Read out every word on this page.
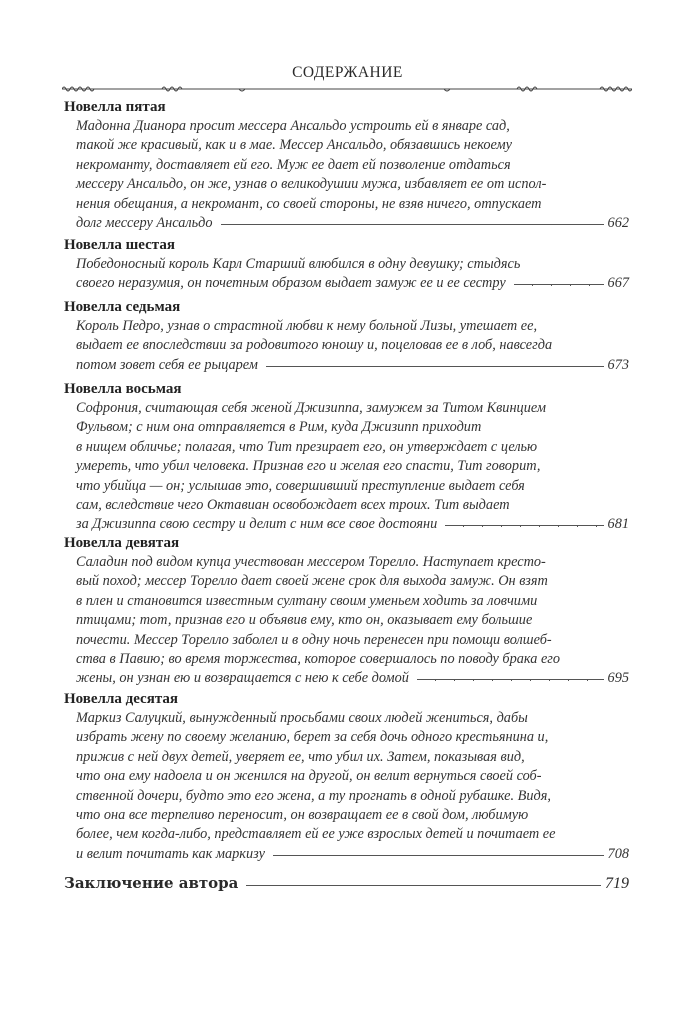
СОДЕРЖАНИЕ
Новелла пятая
Мадонна Дианора просит мессера Ансальдо устроить ей в январе сад,
такой же красивый, как и в мае. Мессер Ансальдо, обязавшись некоему
некроманту, доставляет ей его. Муж ее дает ей позволение отдаться
мессеру Ансальдо, он же, узнав о великодушии мужа, избавляет ее от испол-
нения обещания, а некромант, со своей стороны, не взяв ничего, отпускает
долг мессеру Ансальдо	662
Новелла шестая
Победоносный король Карл Старший влюбился в одну девушку; стыдясь
своего неразумия, он почетным образом выдает замуж ее и ее сестру	667
Новелла седьмая
Король Педро, узнав о страстной любви к нему больной Лизы, утешает ее,
выдает ее впоследствии за родовитого юношу и, поцеловав ее в лоб, навсегда
потом зовет себя ее рыцарем	673
Новелла восьмая
Софрония, считающая себя женой Джизиппа, замужем за Титом Квинцием
Фульвом; с ним она отправляется в Рим, куда Джизипп приходит
в нищем обличье; полагая, что Тит презирает его, он утверждает с целью
умереть, что убил человека. Признав его и желая его спасти, Тит говорит,
что убийца — он; услышав это, совершивший преступление выдает себя
сам, вследствие чего Октавиан освобождает всех троих. Тит выдает
за Джизиппа свою сестру и делит с ним все свое достояни	681
Новелла девятая
Саладин под видом купца учествован мессером Торелло. Наступает кресто-
вый поход; мессер Торелло дает своей жене срок для выхода замуж. Он взят
в плен и становится известным султану своим уменьем ходить за ловчими
птицами; тот, признав его и объявив ему, кто он, оказывает ему большие
почести. Мессер Торелло заболел и в одну ночь перенесен при помощи волшеб-
ства в Павию; во время торжества, которое совершалось по поводу брака его
жены, он узнан ею и возвращается с нею к себе домой	695
Новелла десятая
Маркиз Салуцкий, вынужденный просьбами своих людей жениться, дабы
избрать жену по своему желанию, берет за себя дочь одного крестьянина и,
прижив с ней двух детей, уверяет ее, что убил их. Затем, показывая вид,
что она ему надоела и он женился на другой, он велит вернуться своей соб-
ственной дочери, будто это его жена, а ту прогнать в одной рубашке. Видя,
что она все терпеливо переносит, он возвращает ее в свой дом, любимую
более, чем когда-либо, представляет ей ее уже взрослых детей и почитает ее
и велит почитать как маркизу	708
Заключение автора	719
